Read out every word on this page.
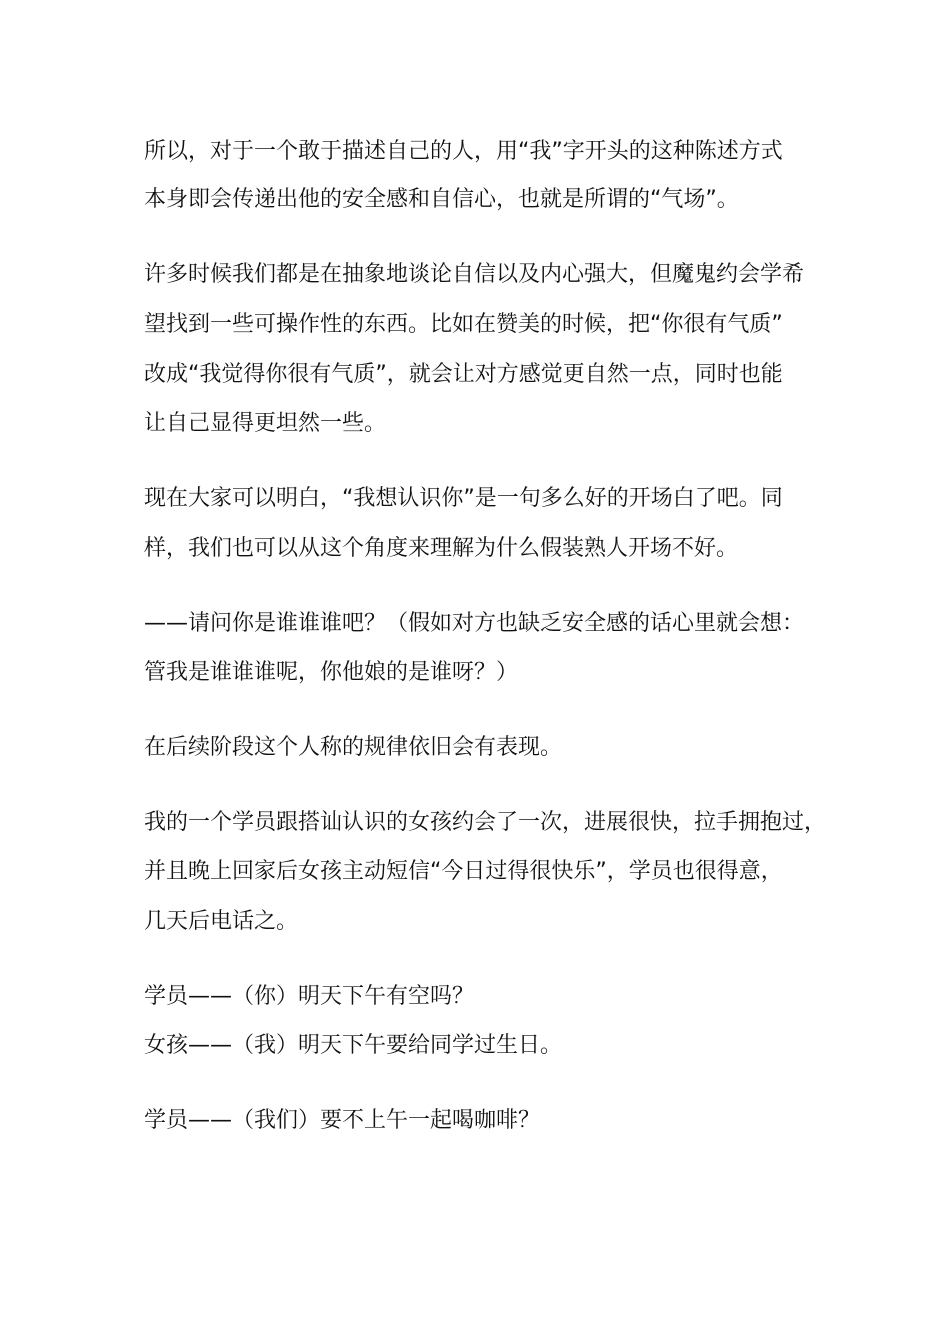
所以，对于一个敢于描述自己的人，用“我”字开头的这种陈述方式
本身即会传递出他的安全感和自信心，也就是所谓的“气场”。
许多时候我们都是在抽象地谈论自信以及内心强大，但魔鬼约会学希
望找到一些可操作性的东西。比如在赞美的时候，把“你很有气质”
改成“我觉得你很有气质”，就会让对方感觉更自然一点，同时也能
让自己显得更坦然一些。
现在大家可以明白，“我想认识你”是一句多么好的开场白了吧。同
样，我们也可以从这个角度来理解为什么假装熟人开场不好。
——请问你是谁谁谁吧？（假如对方也缺乏安全感的话心里就会想：
管我是谁谁谁呢，你他娘的是谁呀？）
在后续阶段这个人称的规律依旧会有表现。
我的一个学员跟搭讪认识的女孩约会了一次，进展很快，拉手拥抱过，
并且晚上回家后女孩主动短信“今日过得很快乐”，学员也很得意，
几天后电话之。
学员——（你）明天下午有空吗？
女孩——（我）明天下午要给同学过生日。
学员——（我们）要不上午一起喝咖啡？
